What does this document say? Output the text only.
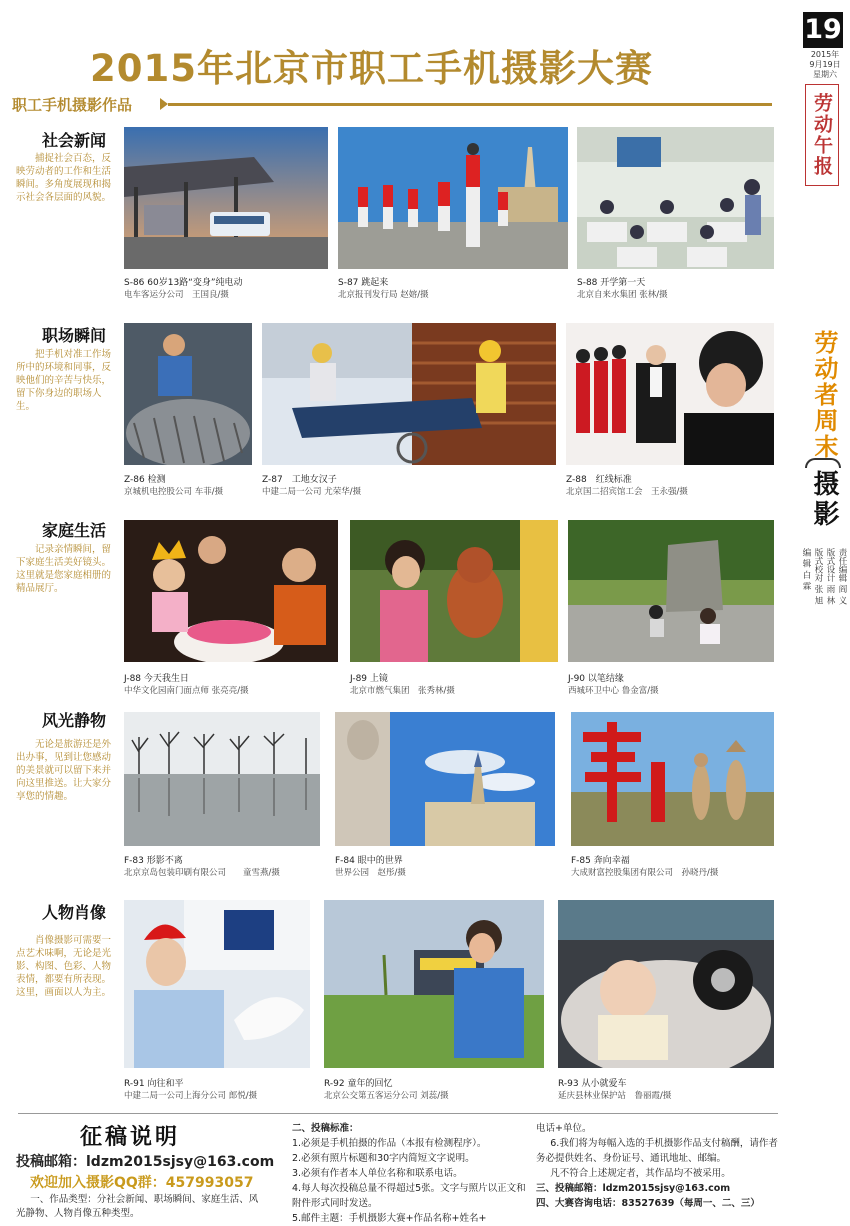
2015年北京市职工手机摄影大赛
职工手机摄影作品
19
2015年
9月19日
星期六
劳动午报
劳动者周末
摄影
责任编辑 阎 义
版式设计 雨 林
版式校对 张 旭
编 辑 白 霖
社会新闻
捕捉社会百态，反映劳动者的工作和生活瞬间。多角度展现和揭示社会各层面的风貌。
S-86 60岁13路“变身”纯电动
电车客运分公司　王国良/摄
S-87 跳起来
北京报刊发行局 赵嫆/摄
S-88 开学第一天
北京自来水集团 张林/摄
职场瞬间
把手机对准工作场所中的环境和同事，反映他们的辛苦与快乐，留下你身边的职场人生。
Z-86 检测
京城机电控股公司 车菲/摄
Z-87　工地女汉子
中建二局一公司 尤荣华/摄
Z-88　红线标准
北京国二招宾馆工会　王永强/摄
家庭生活
记录亲情瞬间，留下家庭生活美好镜头。这里就是您家庭相册的精品展厅。
J-88 今天我生日
中华文化园南门面点师 张亮亮/摄
J-89 上镜
北京市燃气集团　张秀林/摄
J-90 以笔结缘
西城环卫中心 鲁金富/摄
风光静物
无论是旅游还是外出办事，见到让您感动的美景就可以留下来并向这里推送。让大家分享您的情趣。
F-83 形影不离
北京京岛包装印刷有限公司　　童雪燕/摄
F-84 眼中的世界
世界公园　赵彤/摄
F-85 奔向幸福
大成财富控股集团有限公司　孙晓丹/摄
人物肖像
肖像摄影可需要一点艺术味啊，无论是光影、构图、色彩、人物表情，都要有所表现。这里，画面以人为主。
R-91 向往和平
中建二局一公司上海分公司 郎悦/摄
R-92 童年的回忆
北京公交第五客运分公司 刘蕊/摄
R-93 从小就爱车
延庆县林业保护站　鲁丽霞/摄
征稿说明
投稿邮箱：ldzm2015sjsy@163.com
欢迎加入摄影QQ群：457993057
一、作品类型：分社会新闻、职场瞬间、家庭生活、风光静物、人物肖像五种类型。
二、投稿标准：
1.必须是手机拍摄的作品（本报有检测程序）。
2.必须有照片标题和30字内简短文字说明。
3.必须有作者本人单位名称和联系电话。
4.每人每次投稿总量不得超过5张。文字与照片以正文和附件形式同时发送。
5.邮件主题：手机摄影大赛+作品名称+姓名+
电话+单位。
6.我们将为每幅入选的手机摄影作品支付稿酬，请作者务必提供姓名、身份证号、通讯地址、邮编。
凡不符合上述规定者，其作品均不被采用。
三、投稿邮箱：ldzm2015sjsy@163.com
四、大赛咨询电话：83527639（每周一、二、三）
